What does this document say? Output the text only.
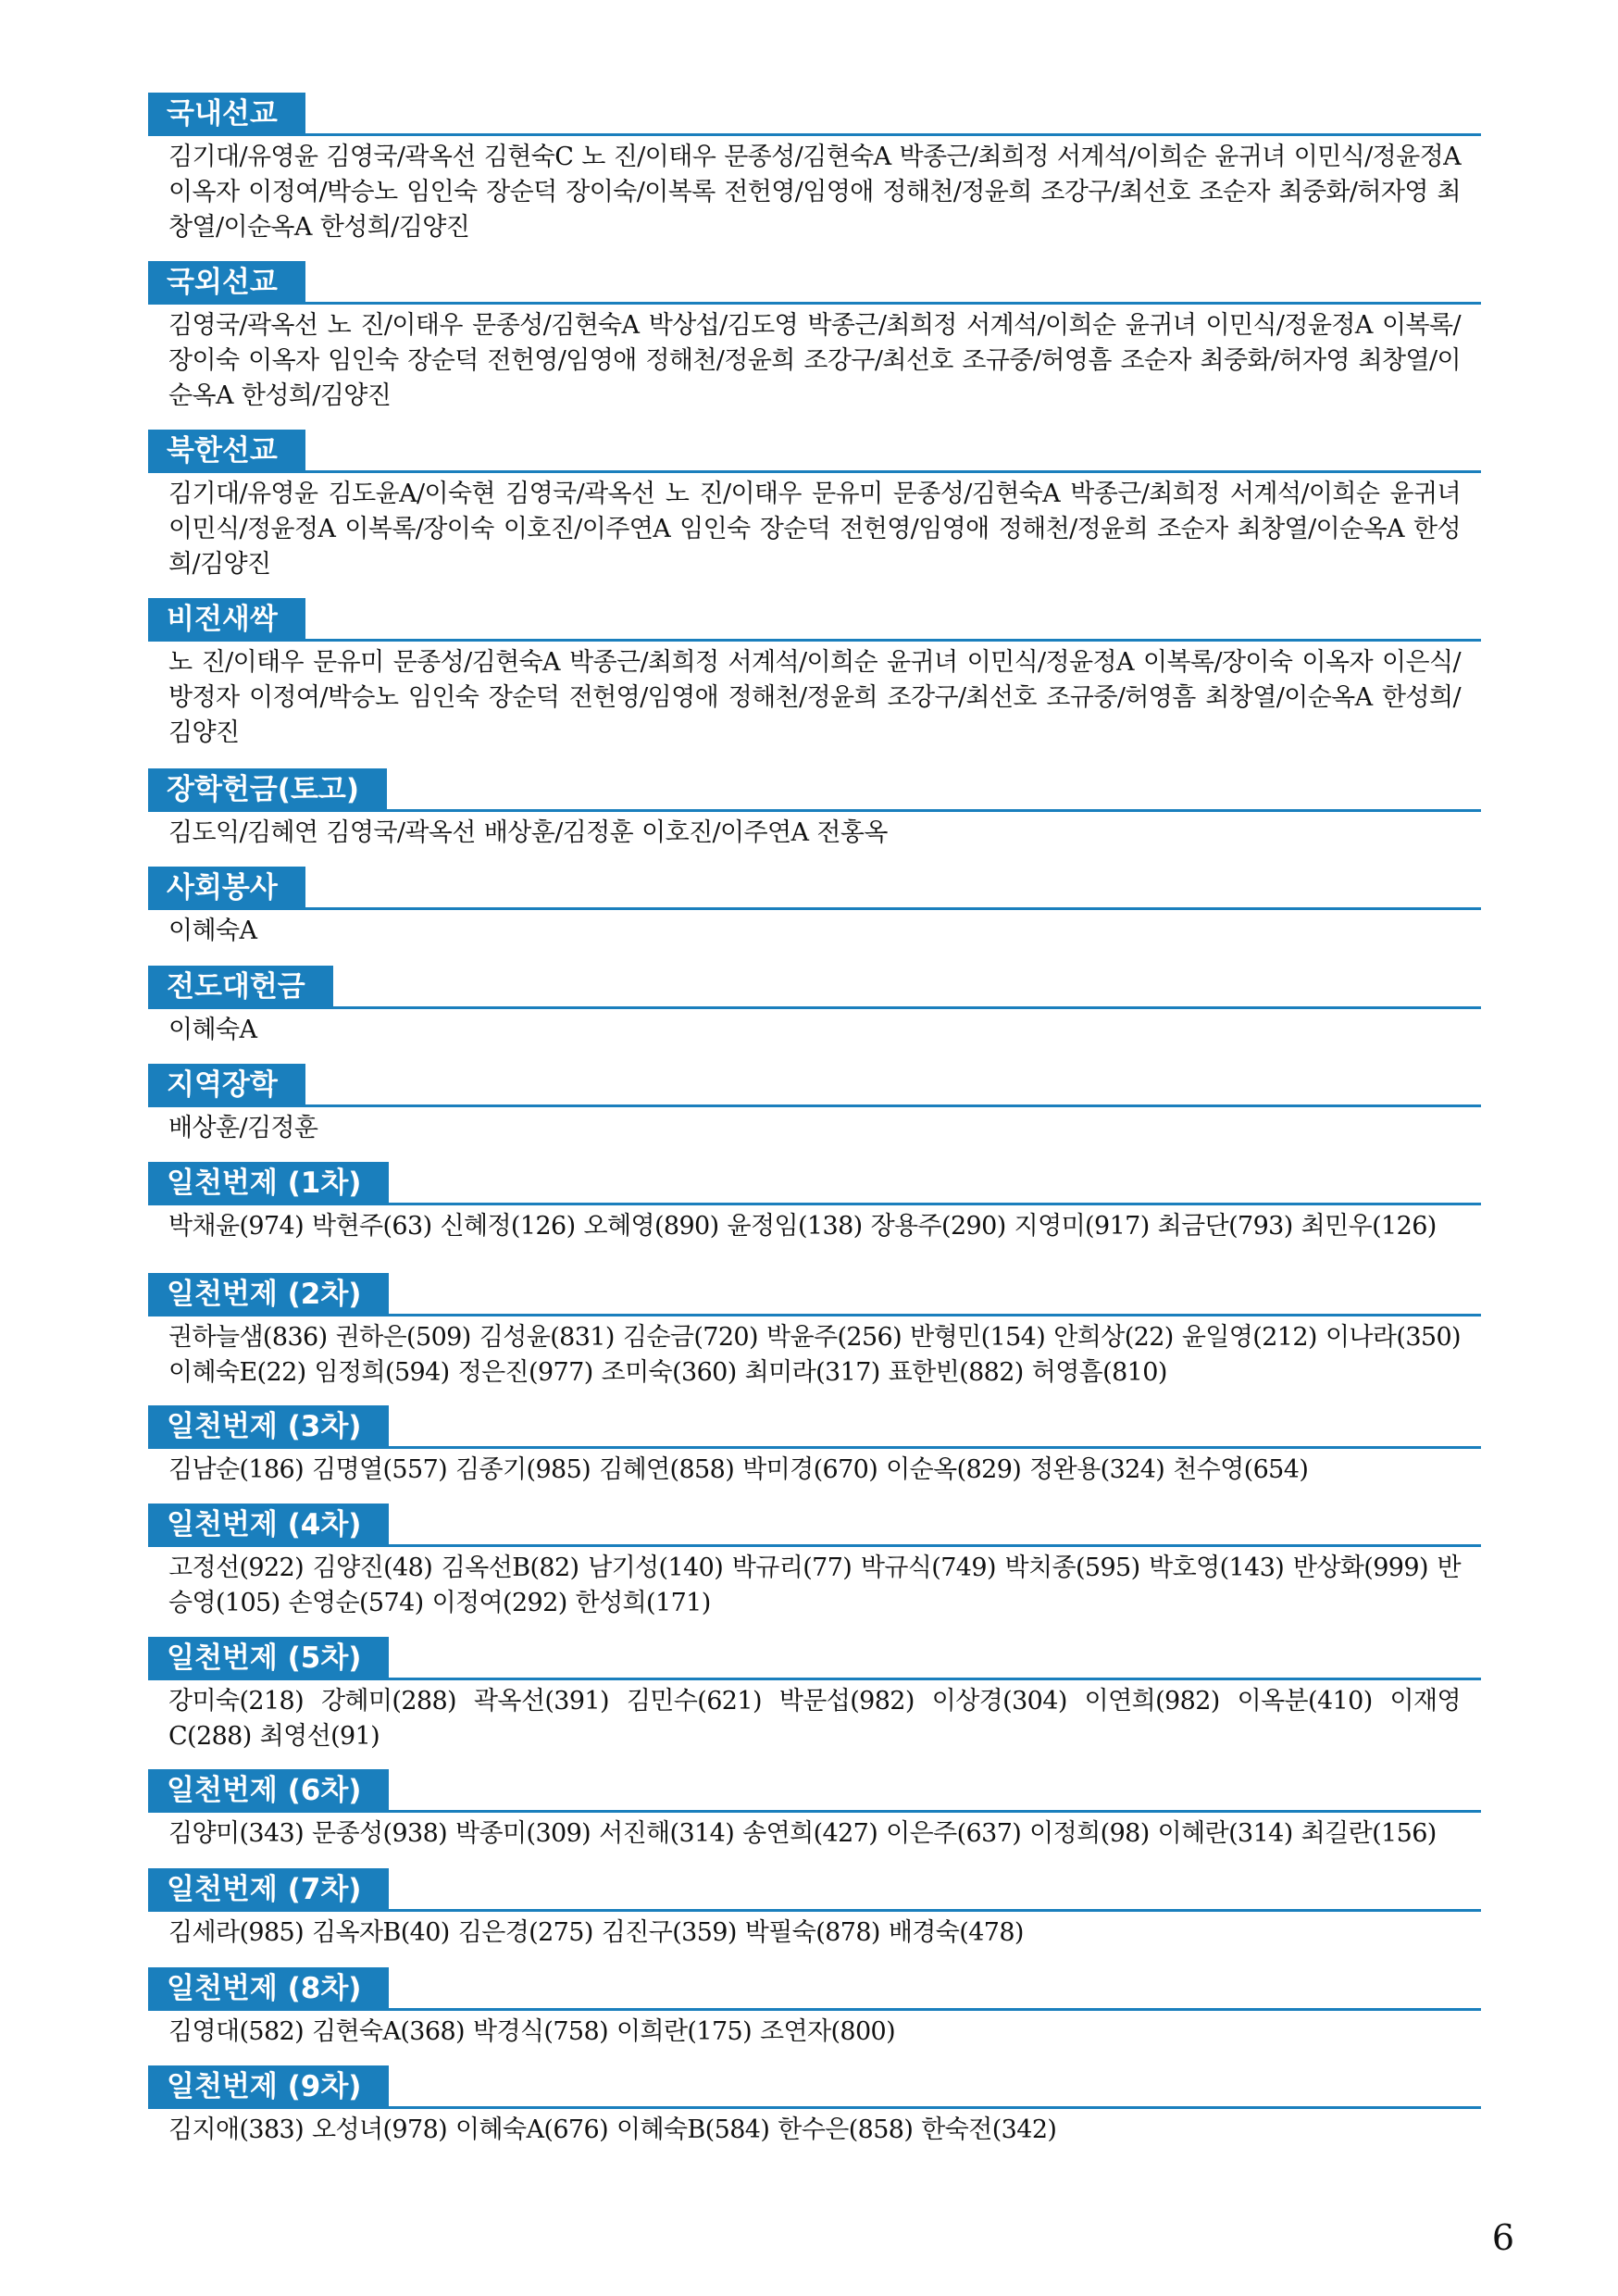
국내선교
김기대/유영윤 김영국/곽옥선 김현숙C 노 진/이태우 문종성/김현숙A 박종근/최희정 서계석/이희순 윤귀녀 이민식/정윤정A 이옥자 이정여/박승노 임인숙 장순덕 장이숙/이복록 전헌영/임영애 정해천/정윤희 조강구/최선호 조순자 최중화/허자영 최창열/이순옥A 한성희/김양진
국외선교
김영국/곽옥선 노 진/이태우 문종성/김현숙A 박상섭/김도영 박종근/최희정 서계석/이희순 윤귀녀 이민식/정윤정A 이복록/장이숙 이옥자 임인숙 장순덕 전헌영/임영애 정해천/정윤희 조강구/최선호 조규중/허영흠 조순자 최중화/허자영 최창열/이순옥A 한성희/김양진
북한선교
김기대/유영윤 김도윤A/이숙현 김영국/곽옥선 노 진/이태우 문유미 문종성/김현숙A 박종근/최희정 서계석/이희순 윤귀녀 이민식/정윤정A 이복록/장이숙 이호진/이주연A 임인숙 장순덕 전헌영/임영애 정해천/정윤희 조순자 최창열/이순옥A 한성희/김양진
비전새싹
노 진/이태우 문유미 문종성/김현숙A 박종근/최희정 서계석/이희순 윤귀녀 이민식/정윤정A 이복록/장이숙 이옥자 이은식/방정자 이정여/박승노 임인숙 장순덕 전헌영/임영애 정해천/정윤희 조강구/최선호 조규중/허영흠 최창열/이순옥A 한성희/김양진
장학헌금(토고)
김도익/김혜연 김영국/곽옥선 배상훈/김정훈 이호진/이주연A 전홍옥
사회봉사
이혜숙A
전도대헌금
이혜숙A
지역장학
배상훈/김정훈
일천번제 (1차)
박채윤(974) 박현주(63) 신혜정(126) 오혜영(890) 윤정임(138) 장용주(290) 지영미(917) 최금단(793) 최민우(126)
일천번제 (2차)
권하늘샘(836) 권하은(509) 김성윤(831) 김순금(720) 박윤주(256) 반형민(154) 안희상(22) 윤일영(212) 이나라(350) 이혜숙E(22) 임정희(594) 정은진(977) 조미숙(360) 최미라(317) 표한빈(882) 허영흠(810)
일천번제 (3차)
김남순(186) 김명열(557) 김종기(985) 김혜연(858) 박미경(670) 이순옥(829) 정완용(324) 천수영(654)
일천번제 (4차)
고정선(922) 김양진(48) 김옥선B(82) 남기성(140) 박규리(77) 박규식(749) 박치종(595) 박호영(143) 반상화(999) 반승영(105) 손영순(574) 이정여(292) 한성희(171)
일천번제 (5차)
강미숙(218) 강혜미(288) 곽옥선(391) 김민수(621) 박문섭(982) 이상경(304) 이연희(982) 이옥분(410) 이재영C(288) 최영선(91)
일천번제 (6차)
김양미(343) 문종성(938) 박종미(309) 서진해(314) 송연희(427) 이은주(637) 이정희(98) 이혜란(314) 최길란(156)
일천번제 (7차)
김세라(985) 김옥자B(40) 김은경(275) 김진구(359) 박필숙(878) 배경숙(478)
일천번제 (8차)
김영대(582) 김현숙A(368) 박경식(758) 이희란(175) 조연자(800)
일천번제 (9차)
김지애(383) 오성녀(978) 이혜숙A(676) 이혜숙B(584) 한수은(858) 한숙전(342)
6
